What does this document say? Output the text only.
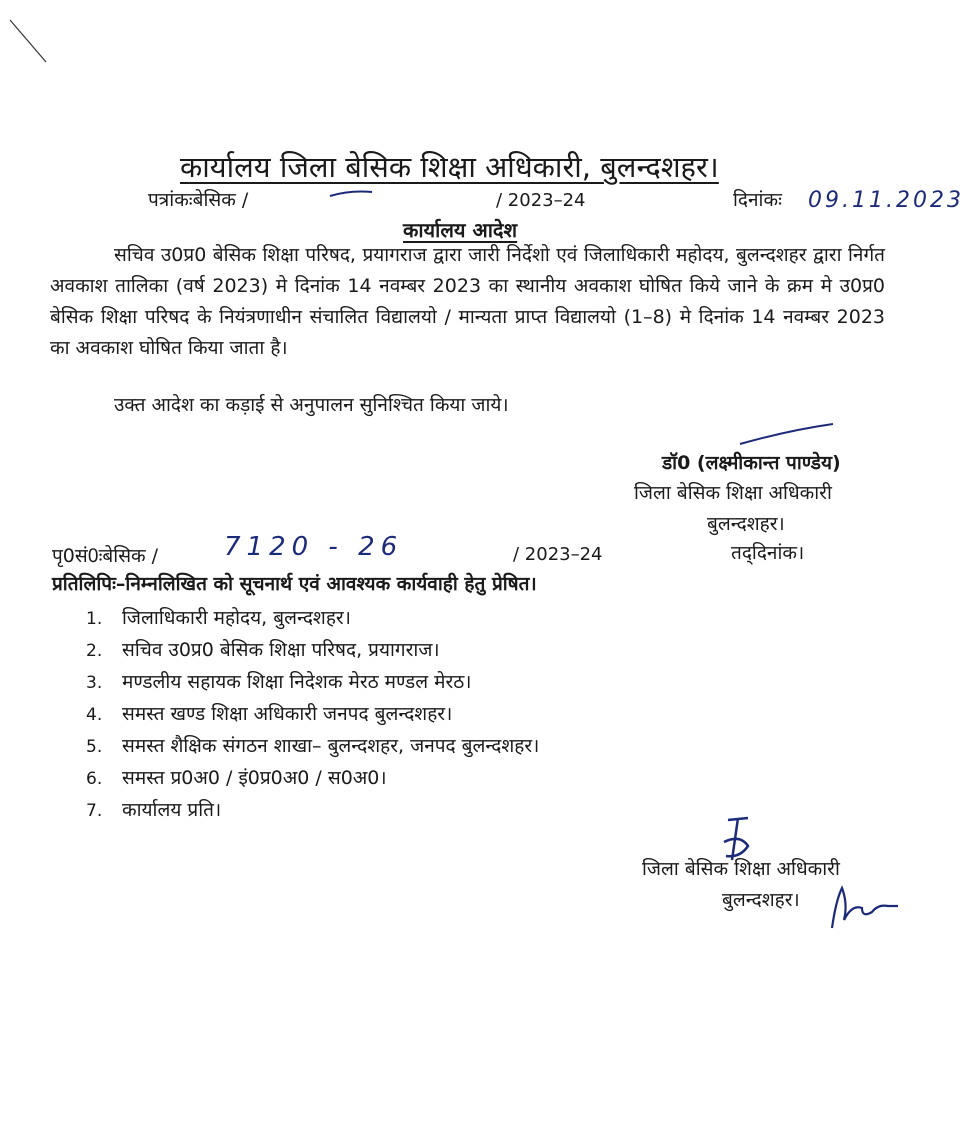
कार्यालय जिला बेसिक शिक्षा अधिकारी, बुलन्दशहर।
पत्रांकःबेसिक /	/ 2023–24	दिनांकः 09.11.2023
कार्यालय आदेश
सचिव उ0प्र0 बेसिक शिक्षा परिषद, प्रयागराज द्वारा जारी निर्देशो एवं जिलाधिकारी महोदय, बुलन्दशहर द्वारा निर्गत अवकाश तालिका (वर्ष 2023) मे दिनांक 14 नवम्बर 2023 का स्थानीय अवकाश घोषित किये जाने के क्रम मे उ0प्र0 बेसिक शिक्षा परिषद के नियंत्रणाधीन संचालित विद्यालयो / मान्यता प्राप्त विद्यालयो (1–8) मे दिनांक 14 नवम्बर 2023 का अवकाश घोषित किया जाता है।
उक्त आदेश का कड़ाई से अनुपालन सुनिश्चित किया जाये।
डॉ0 (लक्ष्मीकान्त पाण्डेय)
जिला बेसिक शिक्षा अधिकारी
बुलन्दशहर।
पृ0सं0ःबेसिक /	7120 - 26	/ 2023–24	तद्‌दिनांक।
प्रतिलिपिः–निम्नलिखित को सूचनार्थ एवं आवश्यक कार्यवाही हेतु प्रेषित।
1. जिलाधिकारी महोदय, बुलन्दशहर।
2. सचिव उ0प्र0 बेसिक शिक्षा परिषद, प्रयागराज।
3. मण्डलीय सहायक शिक्षा निदेशक मेरठ मण्डल मेरठ।
4. समस्त खण्ड शिक्षा अधिकारी जनपद बुलन्दशहर।
5. समस्त शैक्षिक संगठन शाखा– बुलन्दशहर, जनपद बुलन्दशहर।
6. समस्त प्र0अ0 / इं0प्र0अ0 / स0अ0।
7. कार्यालय प्रति।
जिला बेसिक शिक्षा अधिकारी
बुलन्दशहर।
